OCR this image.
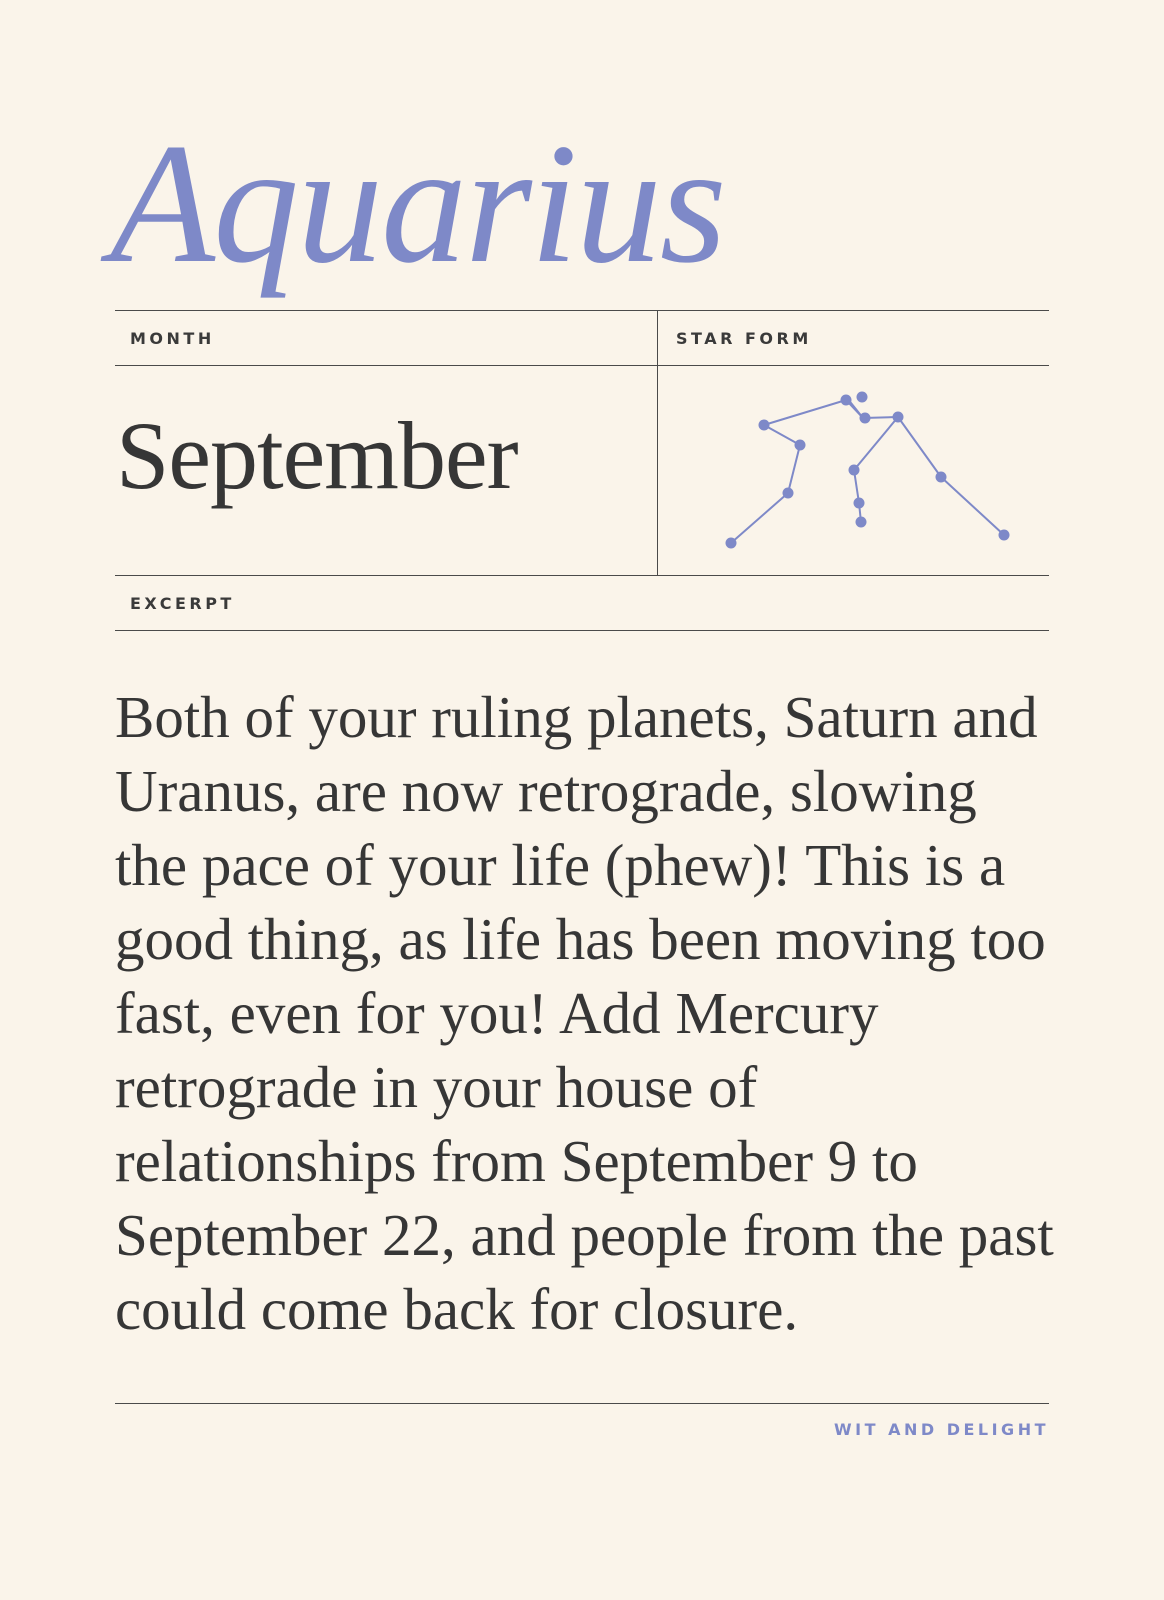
Aquarius
MONTH	STAR FORM
September
EXCERPT

Both of your ruling planets, Saturn and Uranus, are now retrograde, slowing the pace of your life (phew)! This is a good thing, as life has been moving too fast, even for you! Add Mercury retrograde in your house of relationships from September 9 to September 22, and people from the past could come back for closure.

WIT AND DELIGHT
